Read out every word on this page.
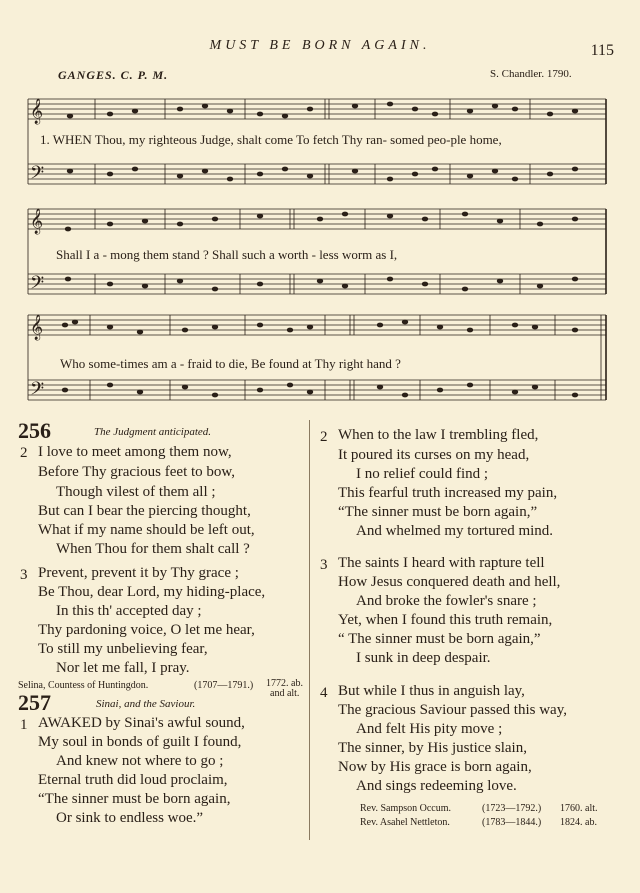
MUST BE BORN AGAIN.	115
GANGES. C. P. M.	S. Chandler. 1790.
𝄞
𝄢
1. WHEN Thou, my righteous Judge, shalt come To fetch Thy ran- somed peo-ple home,
𝄞
𝄢
Shall I a - mong them stand ? Shall such a worth - less worm as I,
𝄞
𝄢
Who some-times am a - fraid to die, Be found at Thy right hand ?
256	The Judgment anticipated.
2 I love to meet among them now,
Before Thy gracious feet to bow,
Though vilest of them all ;
But can I bear the piercing thought,
What if my name should be left out,
When Thou for them shalt call ?
3 Prevent, prevent it by Thy grace ;
Be Thou, dear Lord, my hiding-place,
In this th' accepted day ;
Thy pardoning voice, O let me hear,
To still my unbelieving fear,
Nor let me fall, I pray.
Selina, Countess of Huntingdon.	(1707—1791.) 1772. ab.
and alt.
257	Sinai, and the Saviour.
1 AWAKED by Sinai's awful sound,
My soul in bonds of guilt I found,
And knew not where to go ;
Eternal truth did loud proclaim,
“The sinner must be born again,
Or sink to endless woe.”
2 When to the law I trembling fled,
It poured its curses on my head,
I no relief could find ;
This fearful truth increased my pain,
“The sinner must be born again,”
And whelmed my tortured mind.
3 The saints I heard with rapture tell
How Jesus conquered death and hell,
And broke the fowler's snare ;
Yet, when I found this truth remain,
“ The sinner must be born again,”
I sunk in deep despair.
4 But while I thus in anguish lay,
The gracious Saviour passed this way,
And felt His pity move ;
The sinner, by His justice slain,
Now by His grace is born again,
And sings redeeming love.
Rev. Sampson Occum.	(1723—1792.) 1760. alt.
Rev. Asahel Nettleton.	(1783—1844.) 1824. ab.
